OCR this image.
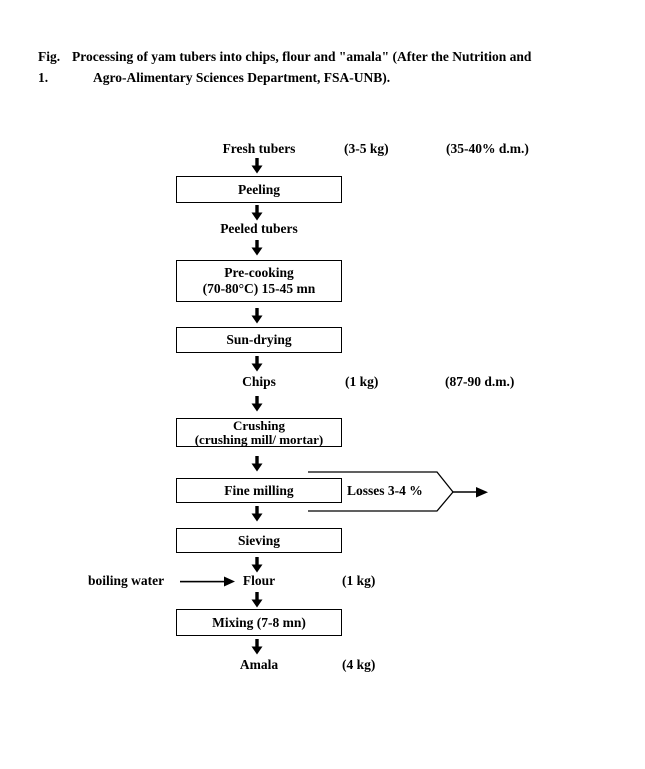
Fig. 1.
Processing of yam tubers into chips, flour and "amala" (After the Nutrition and
Agro-Alimentary Sciences Department, FSA-UNB).
Fresh tubers	(3-5 kg)	(35-40% d.m.)
Peeling
Peeled tubers
Pre-cooking
(70-80°C) 15-45 mn
Sun-drying
Chips	(1 kg)	(87-90 d.m.)
Crushing
(crushing mill/ mortar)
Losses 3-4 %
Fine milling
Sieving
boiling water	Flour	(1 kg)
Mixing (7-8 mn)
Amala	(4 kg)
